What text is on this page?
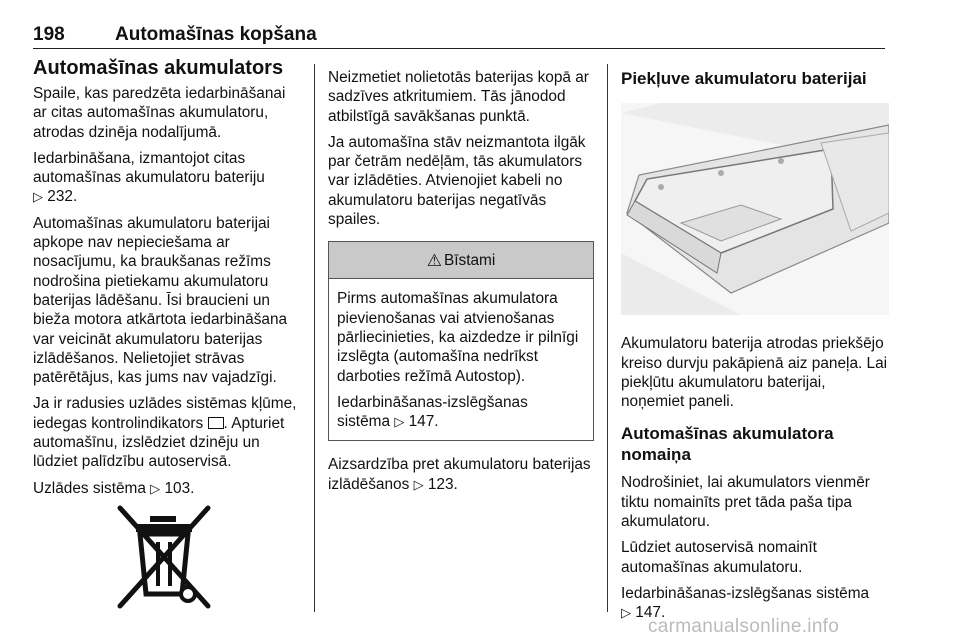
198	Automašīnas kopšana
Automašīnas akumulators

Spaile, kas paredzēta iedarbināšanai ar citas automašīnas akumulatoru, atrodas dzinēja nodalījumā.

Iedarbināšana, izmantojot citas automašīnas akumulatoru bateriju
▷ 232.

Automašīnas akumulatoru baterijai apkope nav nepieciešama ar nosacījumu, ka braukšanas režīms nodrošina pietiekamu akumulatoru baterijas lādēšanu. Īsi braucieni un bieža motora atkārtota iedarbināšana var veicināt akumulatoru baterijas izlādēšanos. Nelietojiet strāvas patērētājus, kas jums nav vajadzīgi.

Ja ir radusies uzlādes sistēmas kļūme, iedegas kontrolindikators . Apturiet automašīnu, izslēdziet dzinēju un lūdziet palīdzību autoservisā.

Uzlādes sistēma ▷ 103.

Neizmetiet nolietotās baterijas kopā ar sadzīves atkritumiem. Tās jānodod atbilstīgā savākšanas punktā.

Ja automašīna stāv neizmantota ilgāk par četrām nedēļām, tās akumulators var izlādēties. Atvienojiet kabeli no akumulatoru baterijas negatīvās spailes.

⚠ Bīstami

Pirms automašīnas akumulatora pievienošanas vai atvienošanas pārliecinieties, ka aizdedze ir pilnīgi izslēgta (automašīna nedrīkst darboties režīmā Autostop).

Iedarbināšanas-izslēgšanas sistēma ▷ 147.

Aizsardzība pret akumulatoru baterijas izlādēšanos ▷ 123.

Piekļuve akumulatoru baterijai

Akumulatoru baterija atrodas priekšējo kreiso durvju pakāpienā aiz paneļa. Lai piekļūtu akumulatoru baterijai, noņemiet paneli.

Automašīnas akumulatora nomaiņa

Nodrošiniet, lai akumulators vienmēr tiktu nomainīts pret tāda paša tipa akumulatoru.

Lūdziet autoservisā nomainīt automašīnas akumulatoru.

Iedarbināšanas-izslēgšanas sistēma
▷ 147.

carmanualsonline.info
